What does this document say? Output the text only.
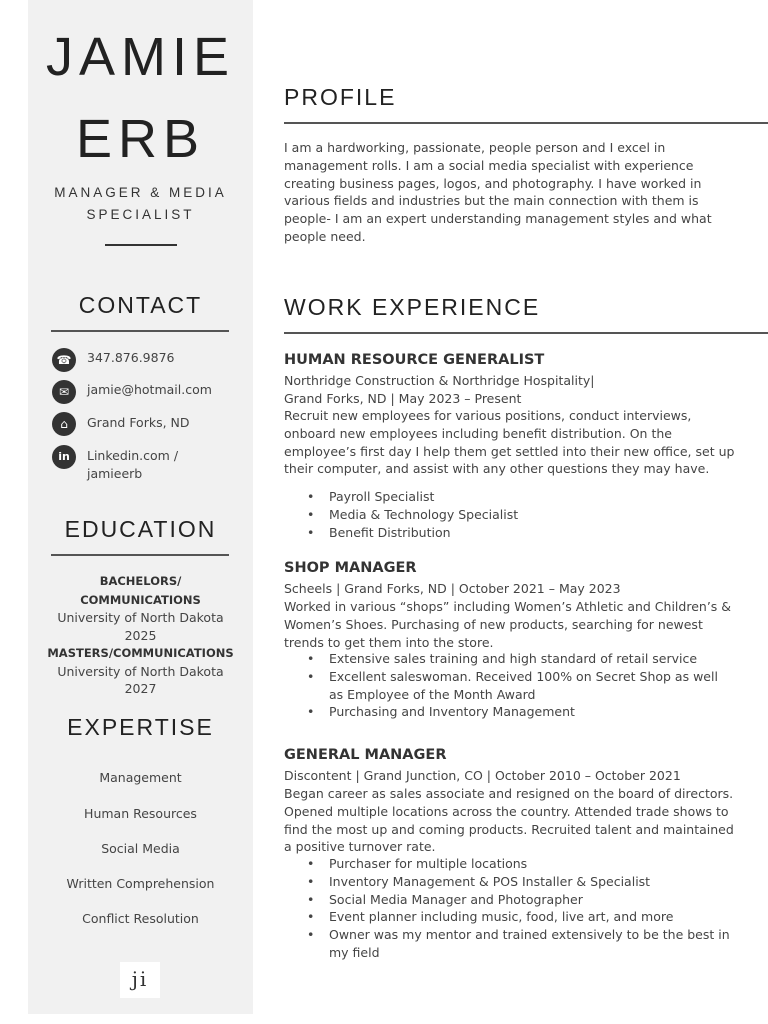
JAMIE
ERB
MANAGER & MEDIA
SPECIALIST
CONTACT
☎	347.876.9876
✉	jamie@hotmail.com
⌂	Grand Forks, ND
in	Linkedin.com /
jamieerb
EDUCATION
BACHELORS/
COMMUNICATIONS
University of North Dakota
2025
MASTERS/COMMUNICATIONS
University of North Dakota
2027
EXPERTISE
Management
Human Resources
Social Media
Written Comprehension
Conflict Resolution
ji
PROFILE
I am a hardworking, passionate, people person and I excel in management rolls. I am a social media specialist with experience creating business pages, logos, and photography. I have worked in various fields and industries but the main connection with them is people- I am an expert understanding management styles and what people need.
WORK EXPERIENCE
HUMAN RESOURCE GENERALIST
Northridge Construction & Northridge Hospitality|
Grand Forks, ND | May 2023 – Present
Recruit new employees for various positions, conduct interviews, onboard new employees including benefit distribution. On the employee’s first day I help them get settled into their new office, set up their computer, and assist with any other questions they may have.
• Payroll Specialist
• Media & Technology Specialist
• Benefit Distribution
SHOP MANAGER
Scheels | Grand Forks, ND | October 2021 – May 2023
Worked in various “shops” including Women’s Athletic and Children’s & Women’s Shoes. Purchasing of new products, searching for newest trends to get them into the store.
• Extensive sales training and high standard of retail service
• Excellent saleswoman. Received 100% on Secret Shop as well as Employee of the Month Award
• Purchasing and Inventory Management
GENERAL MANAGER
Discontent | Grand Junction, CO | October 2010 – October 2021
Began career as sales associate and resigned on the board of directors. Opened multiple locations across the country. Attended trade shows to find the most up and coming products. Recruited talent and maintained a positive turnover rate.
• Purchaser for multiple locations
• Inventory Management & POS Installer & Specialist
• Social Media Manager and Photographer
• Event planner including music, food, live art, and more
• Owner was my mentor and trained extensively to be the best in my field
